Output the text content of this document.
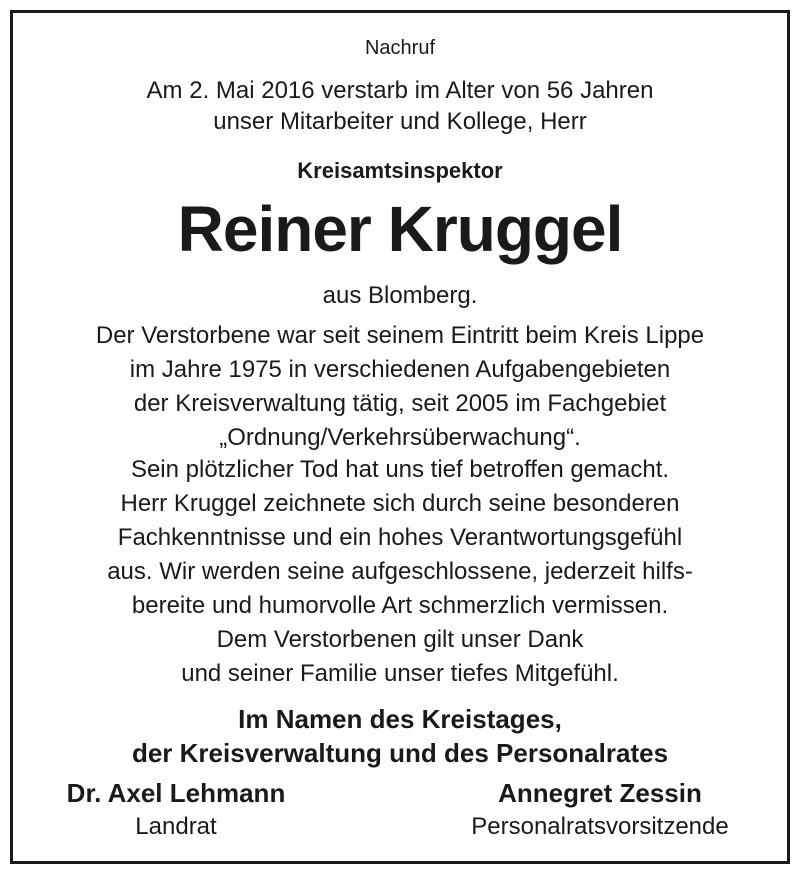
Nachruf
Am 2. Mai 2016 verstarb im Alter von 56 Jahren
unser Mitarbeiter und Kollege, Herr
Kreisamtsinspektor
Reiner Kruggel
aus Blomberg.
Der Verstorbene war seit seinem Eintritt beim Kreis Lippe
im Jahre 1975 in verschiedenen Aufgabengebieten
der Kreisverwaltung tätig, seit 2005 im Fachgebiet
„Ordnung/Verkehrsüberwachung“.
Sein plötzlicher Tod hat uns tief betroffen gemacht.
Herr Kruggel zeichnete sich durch seine besonderen
Fachkenntnisse und ein hohes Verantwortungsgefühl
aus. Wir werden seine aufgeschlossene, jederzeit hilfs-
bereite und humorvolle Art schmerzlich vermissen.
Dem Verstorbenen gilt unser Dank
und seiner Familie unser tiefes Mitgefühl.
Im Namen des Kreistages,
der Kreisverwaltung und des Personalrates
Dr. Axel Lehmann
Landrat
Annegret Zessin
Personalratsvorsitzende
